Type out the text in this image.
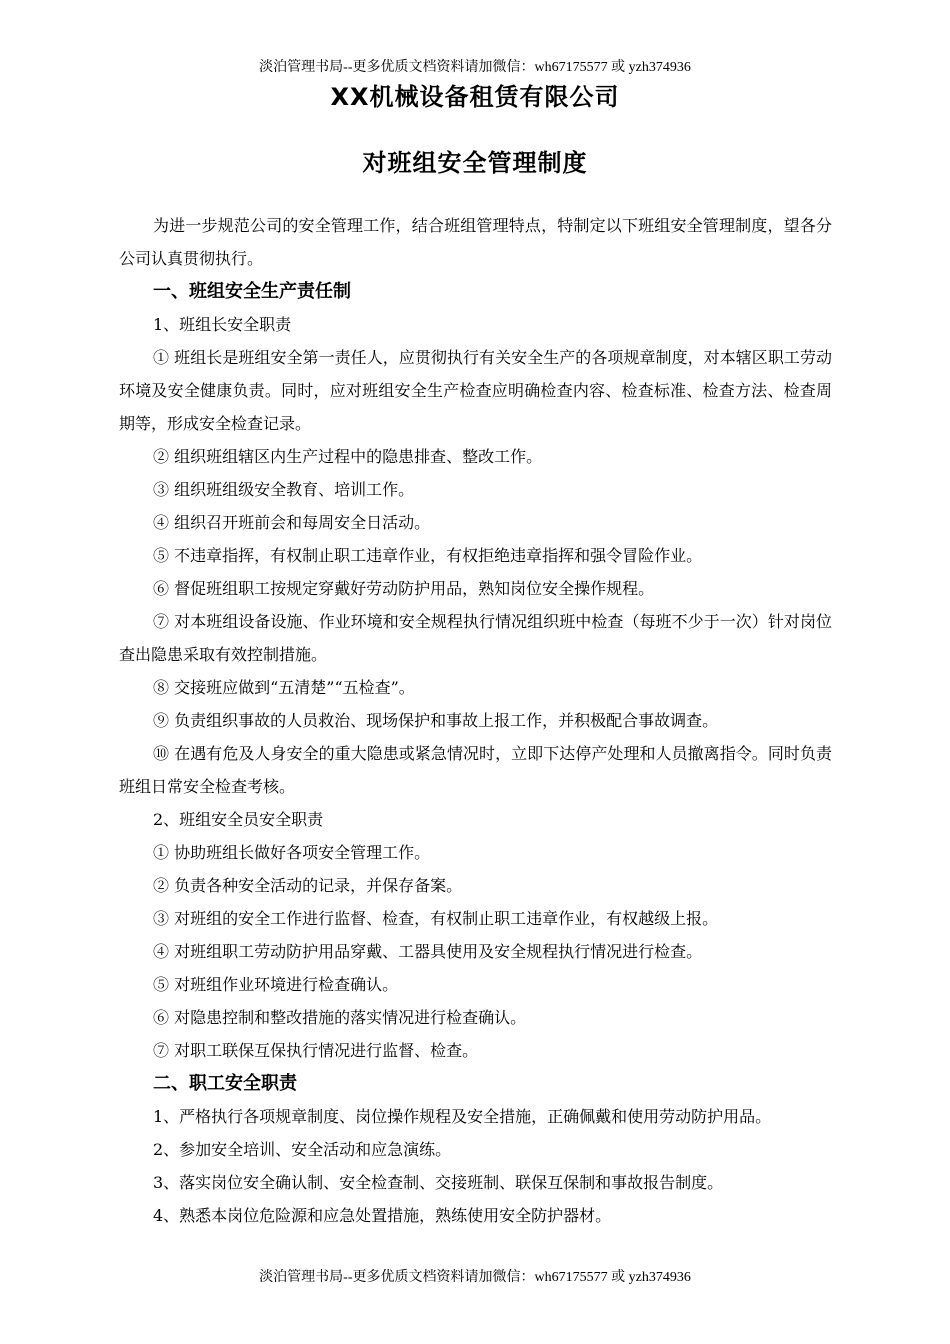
淡泊管理书局--更多优质文档资料请加微信：wh67175577 或 yzh374936
XX机械设备租赁有限公司
对班组安全管理制度

为进一步规范公司的安全管理工作，结合班组管理特点，特制定以下班组安全管理制度，望各分公司认真贯彻执行。

一、班组安全生产责任制

1、班组长安全职责

① 班组长是班组安全第一责任人，应贯彻执行有关安全生产的各项规章制度，对本辖区职工劳动环境及安全健康负责。同时，应对班组安全生产检查应明确检查内容、检查标准、检查方法、检查周期等，形成安全检查记录。

② 组织班组辖区内生产过程中的隐患排查、整改工作。

③ 组织班组级安全教育、培训工作。

④ 组织召开班前会和每周安全日活动。

⑤ 不违章指挥，有权制止职工违章作业，有权拒绝违章指挥和强令冒险作业。

⑥ 督促班组职工按规定穿戴好劳动防护用品，熟知岗位安全操作规程。

⑦ 对本班组设备设施、作业环境和安全规程执行情况组织班中检查（每班不少于一次）针对岗位查出隐患采取有效控制措施。

⑧ 交接班应做到“五清楚”“五检查”。

⑨ 负责组织事故的人员救治、现场保护和事故上报工作，并积极配合事故调查。

⑩ 在遇有危及人身安全的重大隐患或紧急情况时，立即下达停产处理和人员撤离指令。同时负责班组日常安全检查考核。

2、班组安全员安全职责

① 协助班组长做好各项安全管理工作。

② 负责各种安全活动的记录，并保存备案。

③ 对班组的安全工作进行监督、检查，有权制止职工违章作业，有权越级上报。

④ 对班组职工劳动防护用品穿戴、工器具使用及安全规程执行情况进行检查。

⑤ 对班组作业环境进行检查确认。

⑥ 对隐患控制和整改措施的落实情况进行检查确认。

⑦ 对职工联保互保执行情况进行监督、检查。

二、职工安全职责

1、严格执行各项规章制度、岗位操作规程及安全措施，正确佩戴和使用劳动防护用品。

2、参加安全培训、安全活动和应急演练。

3、落实岗位安全确认制、安全检查制、交接班制、联保互保制和事故报告制度。

4、熟悉本岗位危险源和应急处置措施，熟练使用安全防护器材。

淡泊管理书局--更多优质文档资料请加微信：wh67175577 或 yzh374936
